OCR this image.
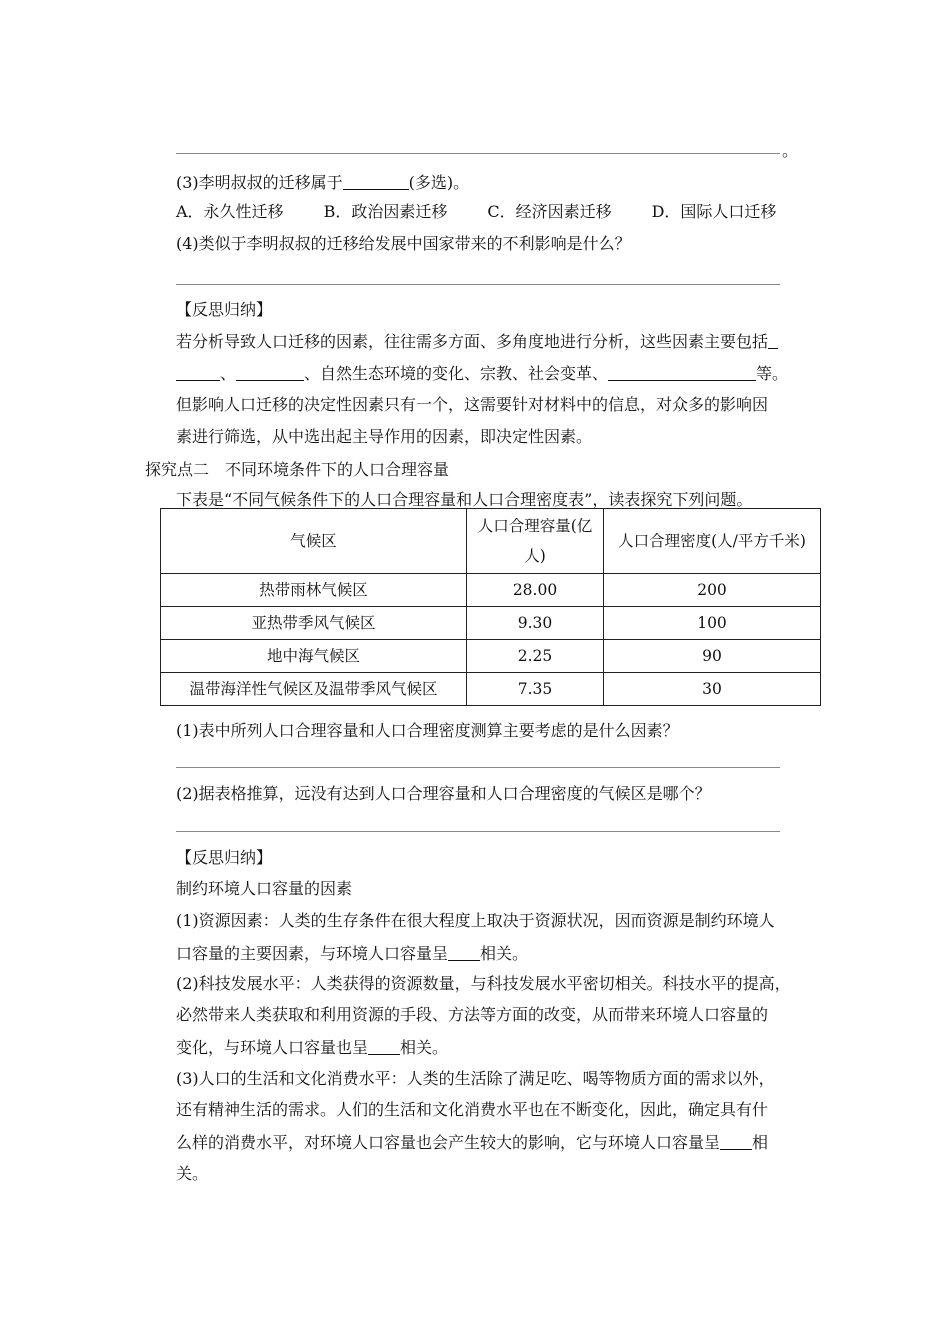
。
(3)李明叔叔的迁移属于	(多选)。
A．永久性迁移	B．政治因素迁移	C．经济因素迁移	D．国际人口迁移
(4)类似于李明叔叔的迁移给发展中国家带来的不利影响是什么？
【反思归纳】
若分析导致人口迁移的因素，往往需多方面、多角度地进行分析，这些因素主要包括
、	、自然生态环境的变化、宗教、社会变革、	等。
但影响人口迁移的决定性因素只有一个，这需要针对材料中的信息，对众多的影响因
素进行筛选，从中选出起主导作用的因素，即决定性因素。
探究点二　不同环境条件下的人口合理容量
下表是“不同气候条件下的人口合理容量和人口合理密度表”，读表探究下列问题。
气候区	人口合理容量(亿人)	人口合理密度(人/平方千米)
热带雨林气候区	28.00	200
亚热带季风气候区	9.30	100
地中海气候区	2.25	90
温带海洋性气候区及温带季风气候区	7.35	30
(1)表中所列人口合理容量和人口合理密度测算主要考虑的是什么因素？
(2)据表格推算，远没有达到人口合理容量和人口合理密度的气候区是哪个？
【反思归纳】
制约环境人口容量的因素
(1)资源因素：人类的生存条件在很大程度上取决于资源状况，因而资源是制约环境人
口容量的主要因素，与环境人口容量呈 相关。
(2)科技发展水平：人类获得的资源数量，与科技发展水平密切相关。科技水平的提高，
必然带来人类获取和利用资源的手段、方法等方面的改变，从而带来环境人口容量的
变化，与环境人口容量也呈 相关。
(3)人口的生活和文化消费水平：人类的生活除了满足吃、喝等物质方面的需求以外，
还有精神生活的需求。人们的生活和文化消费水平也在不断变化，因此，确定具有什
么样的消费水平，对环境人口容量也会产生较大的影响，它与环境人口容量呈 相
关。
